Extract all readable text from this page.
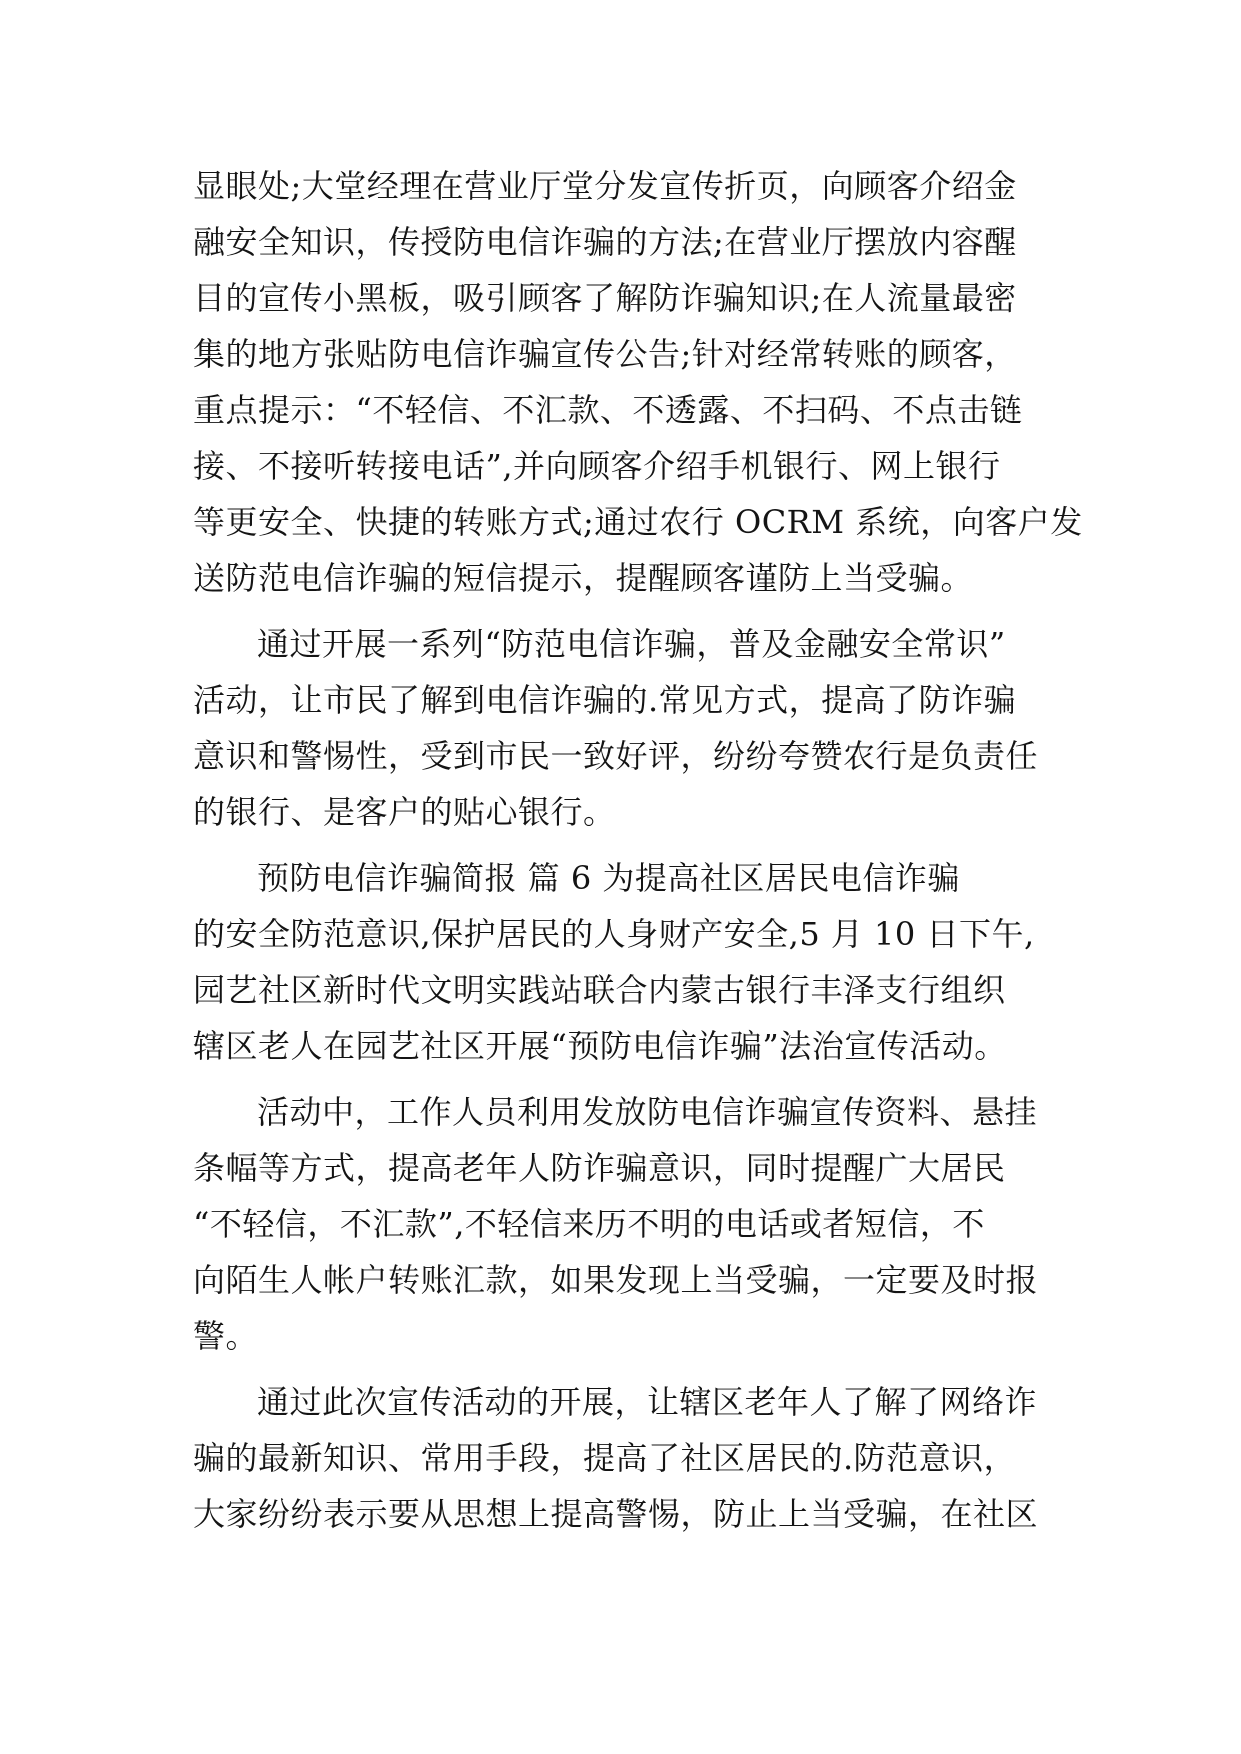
显眼处;大堂经理在营业厅堂分发宣传折页，向顾客介绍金
融安全知识，传授防电信诈骗的方法;在营业厅摆放内容醒
目的宣传小黑板，吸引顾客了解防诈骗知识;在人流量最密
集的地方张贴防电信诈骗宣传公告;针对经常转账的顾客，
重点提示：“不轻信、不汇款、不透露、不扫码、不点击链
接、不接听转接电话”,并向顾客介绍手机银行、网上银行
等更安全、快捷的转账方式;通过农行 OCRM 系统，向客户发
送防范电信诈骗的短信提示，提醒顾客谨防上当受骗。
通过开展一系列“防范电信诈骗，普及金融安全常识”
活动，让市民了解到电信诈骗的.常见方式，提高了防诈骗
意识和警惕性，受到市民一致好评，纷纷夸赞农行是负责任
的银行、是客户的贴心银行。
预防电信诈骗简报 篇 6 为提高社区居民电信诈骗
的安全防范意识,保护居民的人身财产安全,5 月 10 日下午,
园艺社区新时代文明实践站联合内蒙古银行丰泽支行组织
辖区老人在园艺社区开展“预防电信诈骗”法治宣传活动。
活动中，工作人员利用发放防电信诈骗宣传资料、悬挂
条幅等方式，提高老年人防诈骗意识，同时提醒广大居民
“不轻信，不汇款”,不轻信来历不明的电话或者短信，不
向陌生人帐户转账汇款，如果发现上当受骗，一定要及时报
警。
通过此次宣传活动的开展，让辖区老年人了解了网络诈
骗的最新知识、常用手段，提高了社区居民的.防范意识，
大家纷纷表示要从思想上提高警惕，防止上当受骗，在社区
